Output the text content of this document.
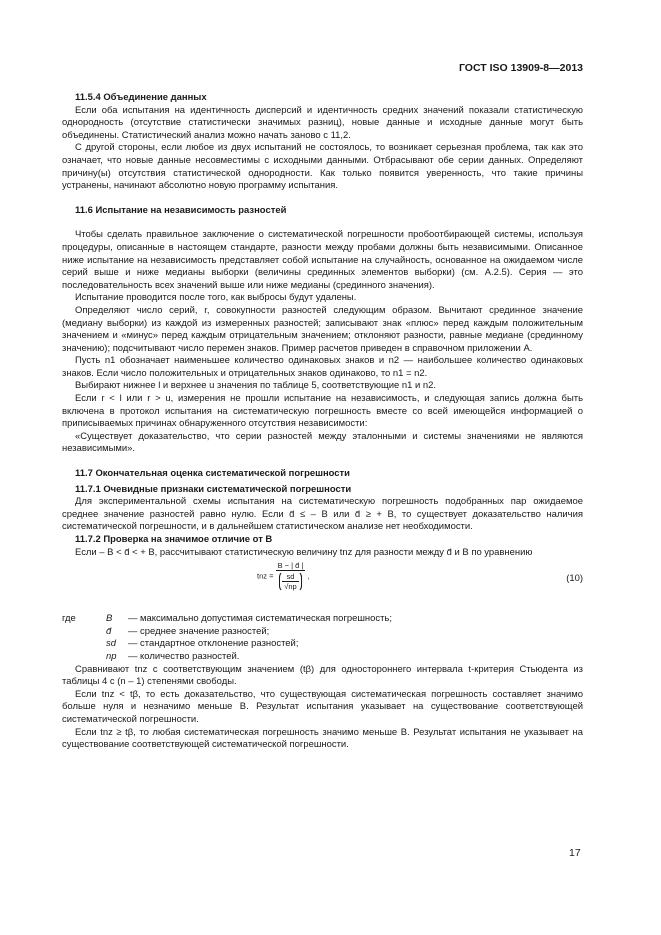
ГОСТ ISO 13909-8—2013
11.5.4 Объединение данных

Если оба испытания на идентичность дисперсий и идентичность средних значений показали статистическую однородность (отсутствие статистически значимых разниц), новые данные и исходные данные могут быть объединены. Статистический анализ можно начать заново с 11,2.

С другой стороны, если любое из двух испытаний не состоялось, то возникает серьезная проблема, так как это означает, что новые данные несовместимы с исходными данными. Отбрасывают обе серии данных. Определяют причину(ы) отсутствия статистической однородности. Как только появится уверенность, что такие причины устранены, начинают абсолютно новую программу испытания.

11.6 Испытание на независимость разностей

Чтобы сделать правильное заключение о систематической погрешности пробоотбирающей системы, используя процедуры, описанные в настоящем стандарте, разности между пробами должны быть независимыми. Описанное ниже испытание на независимость представляет собой испытание на случайность, основанное на ожидаемом числе серий выше и ниже медианы выборки (величины срединных элементов выборки) (см. А.2.5). Серия — это последовательность всех значений выше или ниже медианы (срединного значения).

Испытание проводится после того, как выбросы будут удалены.

Определяют число серий, r, совокупности разностей следующим образом. Вычитают срединное значение (медиану выборки) из каждой из измеренных разностей; записывают знак «плюс» перед каждым положительным значением и «минус» перед каждым отрицательным значением; отклоняют разности, равные медиане (срединному значению); подсчитывают число перемен знаков. Пример расчетов приведен в справочном приложении А.

Пусть n1 обозначает наименьшее количество одинаковых знаков и n2 — наибольшее количество одинаковых знаков. Если число положительных и отрицательных знаков одинаково, то n1 = n2.

Выбирают нижнее l и верхнее u значения по таблице 5, соответствующие n1 и n2.

Если r < l или r > u, измерения не прошли испытание на независимость, и следующая запись должна быть включена в протокол испытания на систематическую погрешность вместе со всей имеющейся информацией о приписываемых причинах обнаруженного отсутствия независимости:

«Существует доказательство, что серии разностей между эталонными и системы значениями не являются независимыми».

11.7 Окончательная оценка систематической погрешности
11.7.1 Очевидные признаки систематической погрешности

Для экспериментальной схемы испытания на систематическую погрешность подобранных пар ожидаемое среднее значение разностей равно нулю. Если d̄ ≤ – B или d̄ ≥ + B, то существует доказательство наличия систематической погрешности, и в дальнейшем статистическом анализе нет необходимости.

11.7.2 Проверка на значимое отличие от B

Если – B < d̄ < + B, рассчитывают статистическую величину tnz для разности между d̄ и B по уравнению

tnz = $\frac{B - | d̄ |}{\frac{sd}{√np}}$ ,	(10)
где	B	— максимально допустимая систематическая погрешность;
d̄	— среднее значение разностей;
sd	— стандартное отклонение разностей;
np	— количество разностей.

Сравнивают tnz с соответствующим значением (tβ) для одностороннего интервала t-критерия Стьюдента из таблицы 4 с (n – 1) степенями свободы.

Если tnz < tβ, то есть доказательство, что существующая систематическая погрешность составляет значимо больше нуля и незначимо меньше B. Результат испытания указывает на существование соответствующей систематической погрешности.

Если tnz ≥ tβ, то любая систематическая погрешность значимо меньше B. Результат испытания не указывает на существование соответствующей систематической погрешности.

17
